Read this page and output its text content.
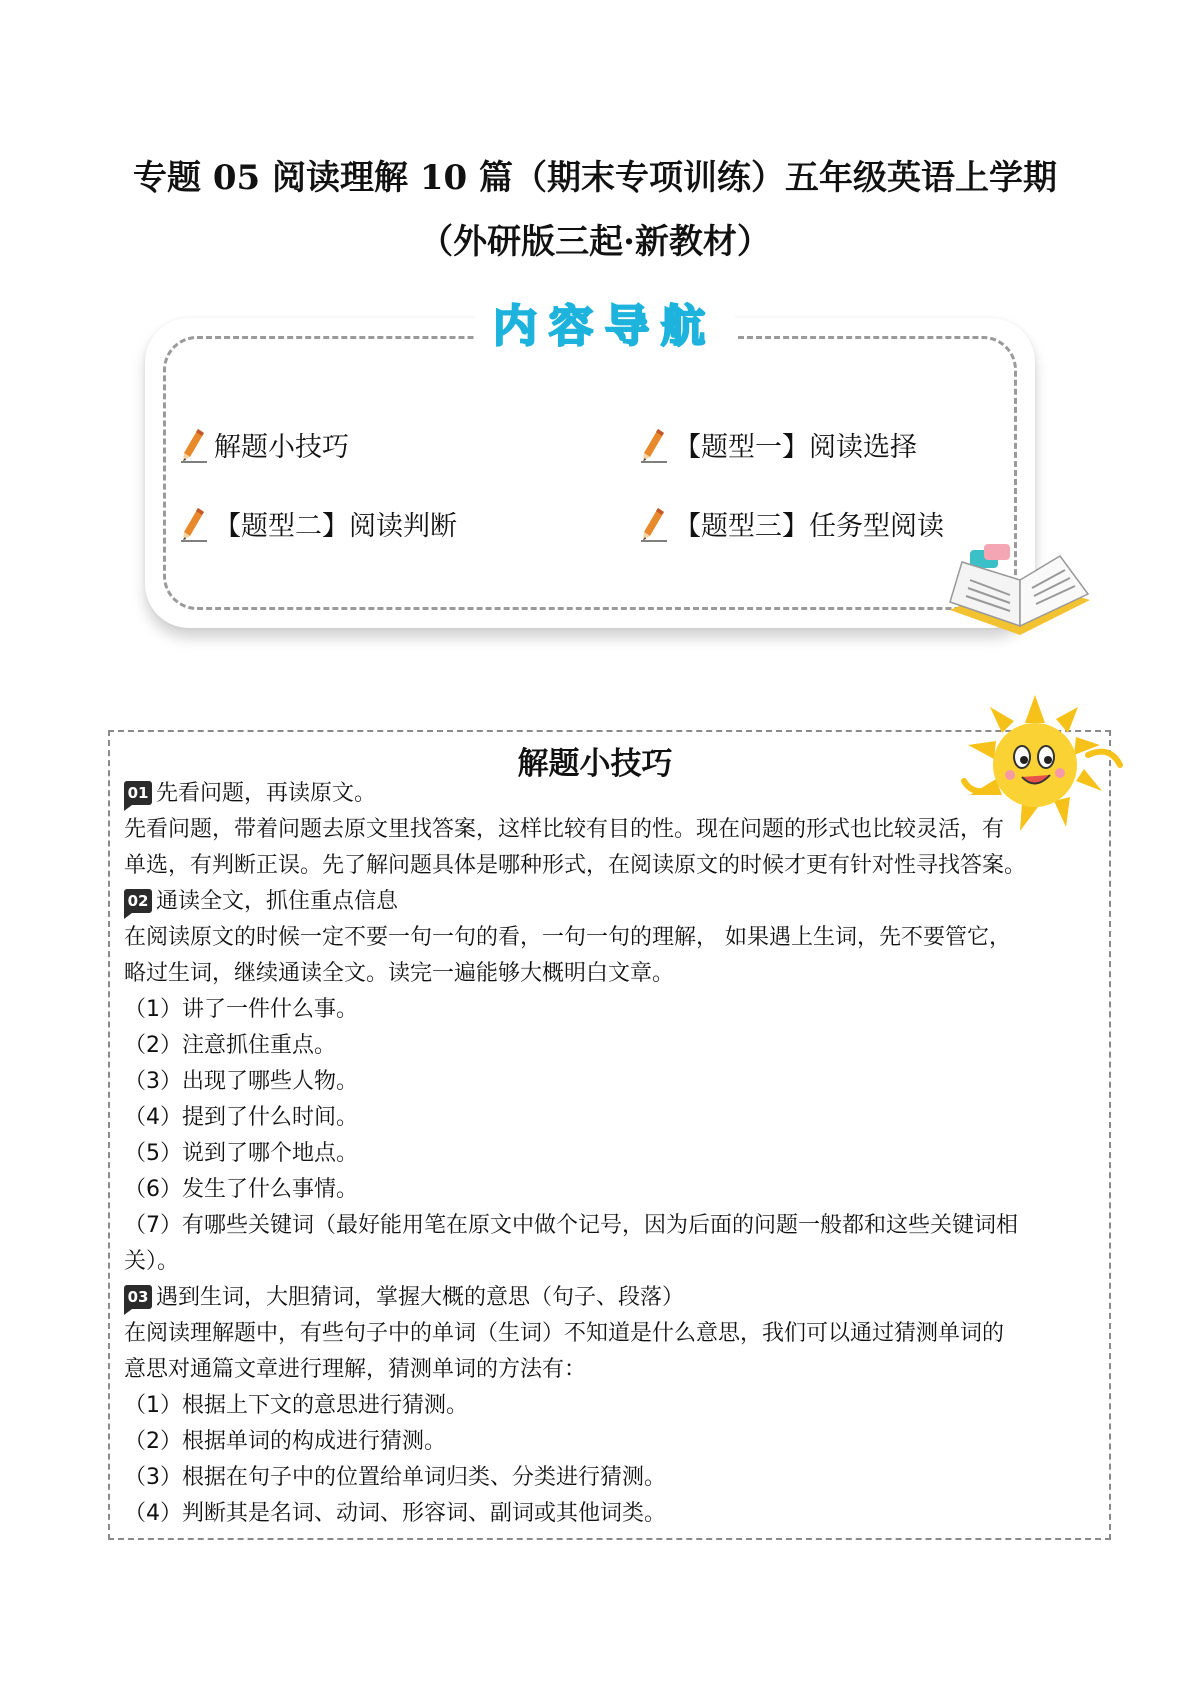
专题 05 阅读理解 10 篇（期末专项训练）五年级英语上学期
（外研版三起·新教材）
内容导航
解题小技巧	【题型一】阅读选择
【题型二】阅读判断	【题型三】任务型阅读
解题小技巧
01 先看问题，再读原文。
先看问题，带着问题去原文里找答案，这样比较有目的性。现在问题的形式也比较灵活，有
单选，有判断正误。先了解问题具体是哪种形式，在阅读原文的时候才更有针对性寻找答案。
02 通读全文，抓住重点信息
在阅读原文的时候一定不要一句一句的看，一句一句的理解， 如果遇上生词，先不要管它，
略过生词，继续通读全文。读完一遍能够大概明白文章。
（1）讲了一件什么事。
（2）注意抓住重点。
（3）出现了哪些人物。
（4）提到了什么时间。
（5）说到了哪个地点。
（6）发生了什么事情。
（7）有哪些关键词（最好能用笔在原文中做个记号，因为后面的问题一般都和这些关键词相
关）。
03 遇到生词，大胆猜词，掌握大概的意思（句子、段落）
在阅读理解题中，有些句子中的单词（生词）不知道是什么意思，我们可以通过猜测单词的
意思对通篇文章进行理解，猜测单词的方法有：
（1）根据上下文的意思进行猜测。
（2）根据单词的构成进行猜测。
（3）根据在句子中的位置给单词归类、分类进行猜测。
（4）判断其是名词、动词、形容词、副词或其他词类。
